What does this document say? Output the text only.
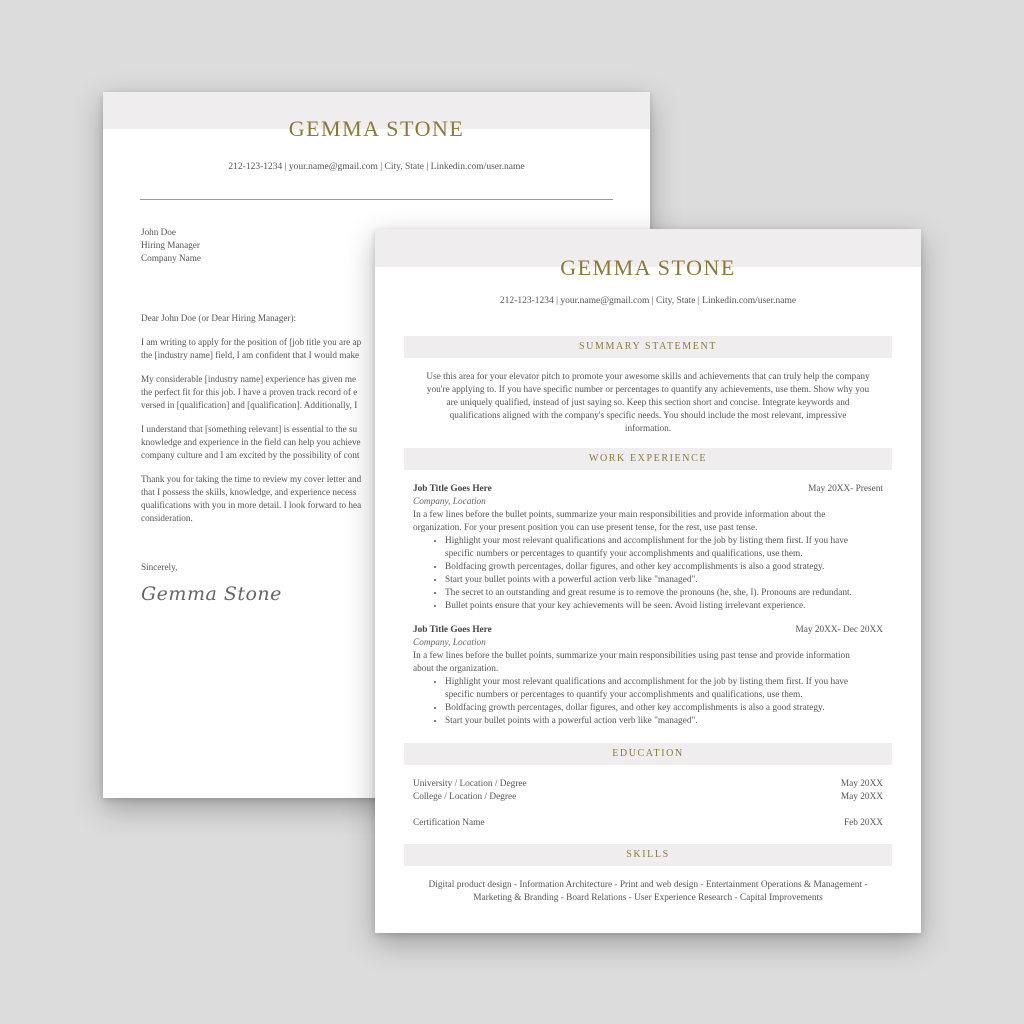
GEMMA STONE
212-123-1234 | your.name@gmail.com | City, State | Linkedin.com/user.name

John Doe
Hiring Manager
Company Name

Dear John Doe (or Dear Hiring Manager):

I am writing to apply for the position of [job title you are ap
the [industry name] field, I am confident that I would make

My considerable [industry name] experience has given me
the perfect fit for this job. I have a proven track record of e
versed in [qualification] and [qualification]. Additionally, I

I understand that [something relevant] is essential to the su
knowledge and experience in the field can help you achieve
company culture and I am excited by the possibility of cont

Thank you for taking the time to review my cover letter and
that I possess the skills, knowledge, and experience necess
qualifications with you in more detail. I look forward to hea
consideration.

Sincerely,

Gemma Stone
GEMMA STONE
212-123-1234 | your.name@gmail.com | City, State | Linkedin.com/user.name
SUMMARY STATEMENT
Use this area for your elevator pitch to promote your awesome skills and achievements that can truly help the company
you're applying to. If you have specific number or percentages to quantify any achievements, use them. Show why you
are uniquely qualified, instead of just saying so. Keep this section short and concise. Integrate keywords and
qualifications aligned with the company's specific needs. You should include the most relevant, impressive
information.
WORK EXPERIENCE
Job Title Goes Here	May 20XX- Present
Company, Location
In a few lines before the bullet points, summarize your main responsibilities and provide information about the
organization. For your present position you can use present tense, for the rest, use past tense.
• Highlight your most relevant qualifications and accomplishment for the job by listing them first. If you have
specific numbers or percentages to quantify your accomplishments and qualifications, use them.
• Boldfacing growth percentages, dollar figures, and other key accomplishments is also a good strategy.
• Start your bullet points with a powerful action verb like "managed".
• The secret to an outstanding and great resume is to remove the pronouns (he, she, I). Pronouns are redundant.
• Bullet points ensure that your key achievements will be seen. Avoid listing irrelevant experience.
Job Title Goes Here	May 20XX- Dec 20XX
Company, Location
In a few lines before the bullet points, summarize your main responsibilities using past tense and provide information
about the organization.
• Highlight your most relevant qualifications and accomplishment for the job by listing them first. If you have
specific numbers or percentages to quantify your accomplishments and qualifications, use them.
• Boldfacing growth percentages, dollar figures, and other key accomplishments is also a good strategy.
• Start your bullet points with a powerful action verb like "managed".
EDUCATION
University / Location / Degree	May 20XX
College / Location / Degree	May 20XX
Certification Name	Feb 20XX
SKILLS
Digital product design - Information Architecture - Print and web design - Entertainment Operations & Management -
Marketing & Branding - Board Relations - User Experience Research - Capital Improvements
